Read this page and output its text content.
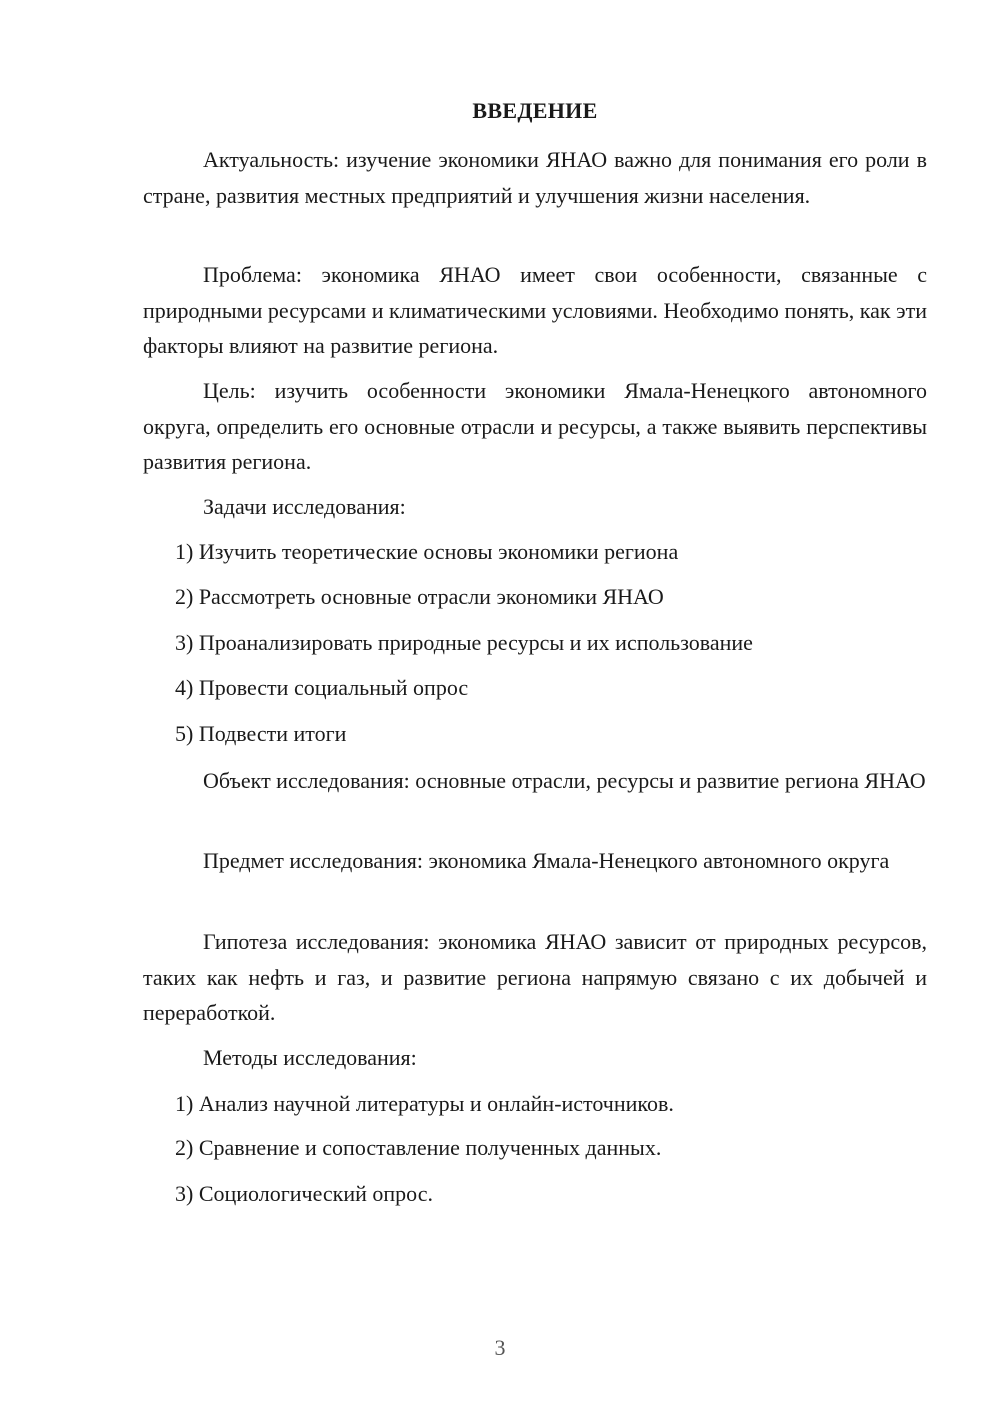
ВВЕДЕНИЕ

Актуальность: изучение экономики ЯНАО важно для понимания его роли в стране, развития местных предприятий и улучшения жизни населения.

Проблема: экономика ЯНАО имеет свои особенности, связанные с природными ресурсами и климатическими условиями. Необходимо понять, как эти факторы влияют на развитие региона.

Цель: изучить особенности экономики Ямала-Ненецкого автономного округа, определить его основные отрасли и ресурсы, а также выявить перспективы развития региона.

Задачи исследования:

1) Изучить теоретические основы экономики региона

2) Рассмотреть основные отрасли экономики ЯНАО

3) Проанализировать природные ресурсы и их использование

4) Провести социальный опрос

5) Подвести итоги

Объект исследования: основные отрасли, ресурсы и развитие региона ЯНАО

Предмет исследования: экономика Ямала-Ненецкого автономного округа

Гипотеза исследования: экономика ЯНАО зависит от природных ресурсов, таких как нефть и газ, и развитие региона напрямую связано с их добычей и переработкой.

Методы исследования:

1) Анализ научной литературы и онлайн-источников.

2) Сравнение и сопоставление полученных данных.

3) Социологический опрос.

3
